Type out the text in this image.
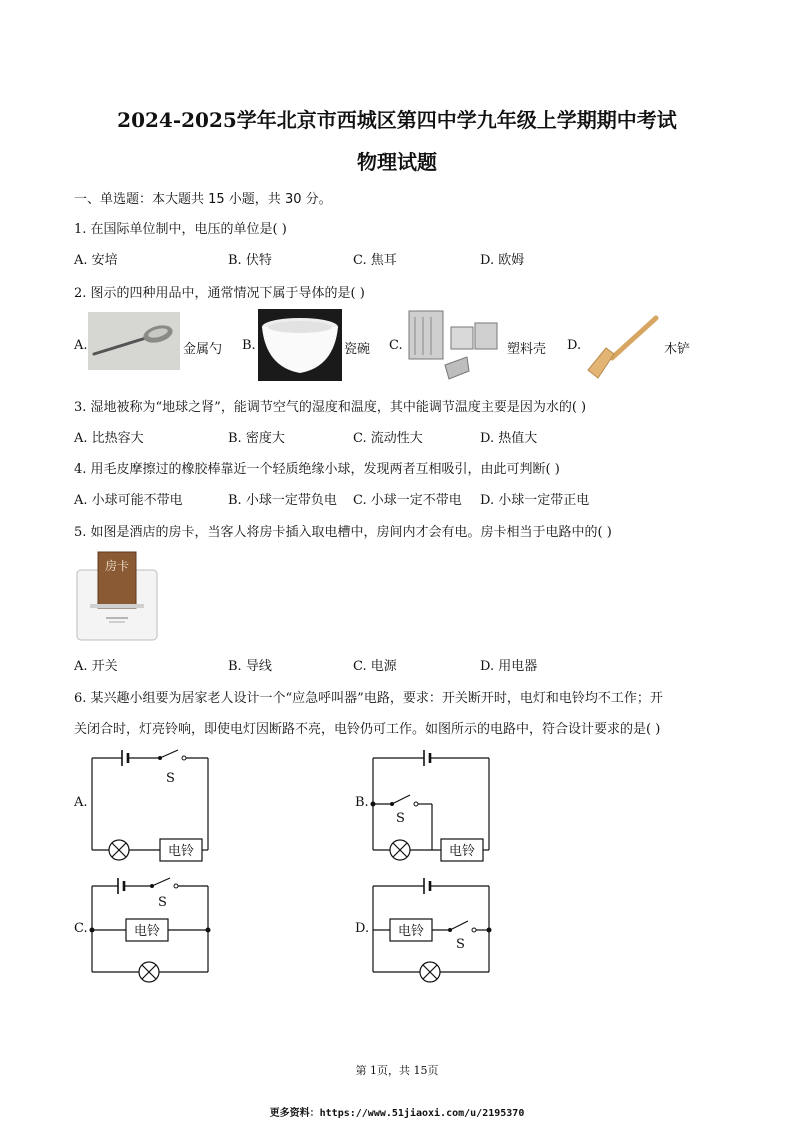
2024-2025学年北京市西城区第四中学九年级上学期期中考试
物理试题
一、单选题：本大题共 15 小题，共 30 分。
1. 在国际单位制中，电压的单位是( )
A. 安培	B. 伏特	C. 焦耳	D. 欧姆
2. 图示的四种用品中，通常情况下属于导体的是( )
A.	金属勺 B.	瓷碗 C.	塑料壳 D.	木铲
3. 湿地被称为“地球之肾”，能调节空气的湿度和温度，其中能调节温度主要是因为水的( )
A. 比热容大	B. 密度大	C. 流动性大	D. 热值大
4. 用毛皮摩擦过的橡胶棒靠近一个轻质绝缘小球，发现两者互相吸引，由此可判断( )
A. 小球可能不带电	B. 小球一定带负电 C. 小球一定不带电 D. 小球一定带正电
5. 如图是酒店的房卡，当客人将房卡插入取电槽中，房间内才会有电。房卡相当于电路中的( )
房卡
A. 开关	B. 导线	C. 电源	D. 用电器
6. 某兴趣小组要为居家老人设计一个“应急呼叫器”电路，要求：开关断开时，电灯和电铃均不工作；开
关闭合时，灯亮铃响，即使电灯因断路不亮，电铃仍可工作。如图所示的电路中，符合设计要求的是( )
A.	B.
C.	D.
S
S
S
S
电铃	电铃
电铃	电铃
第 1页，共 15页
更多资料：https://www.51jiaoxi.com/u/2195370
